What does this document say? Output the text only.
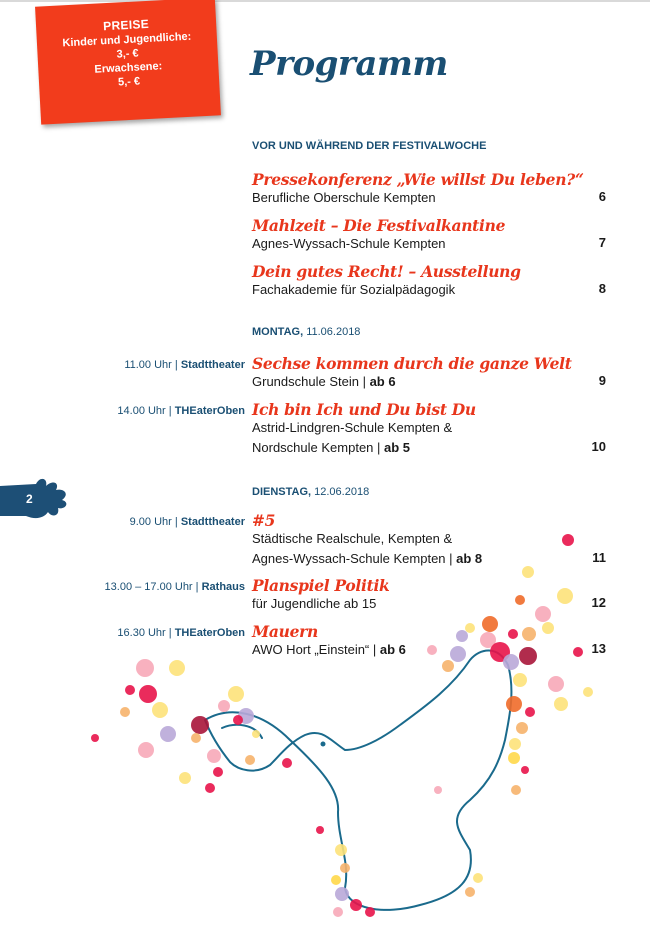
PREISE
Kinder und Jugendliche:
3,- €
Erwachsene:
5,- €	Programm
2
VOR UND WÄHREND DER FESTIVALWOCHE
Pressekonferenz „Wie willst Du leben?“
Berufliche Oberschule Kempten	6
Mahlzeit – Die Festivalkantine
Agnes-Wyssach-Schule Kempten	7
Dein gutes Recht! – Ausstellung
Fachakademie für Sozialpädagogik	8
MONTAG, 11.06.2018
11.00 Uhr | Stadttheater Sechse kommen durch die ganze Welt
Grundschule Stein | ab 6	9
14.00 Uhr | THEaterOben Ich bin Ich und Du bist Du
Astrid-Lindgren-Schule Kempten &
Nordschule Kempten | ab 5	10
DIENSTAG, 12.06.2018
9.00 Uhr | Stadttheater #5
Städtische Realschule, Kempten &
Agnes-Wyssach-Schule Kempten | ab 8	11
13.00 – 17.00 Uhr | Rathaus Planspiel Politik
für Jugendliche ab 15	12
16.30 Uhr | THEaterOben Mauern
AWO Hort „Einstein“ | ab 6	13
